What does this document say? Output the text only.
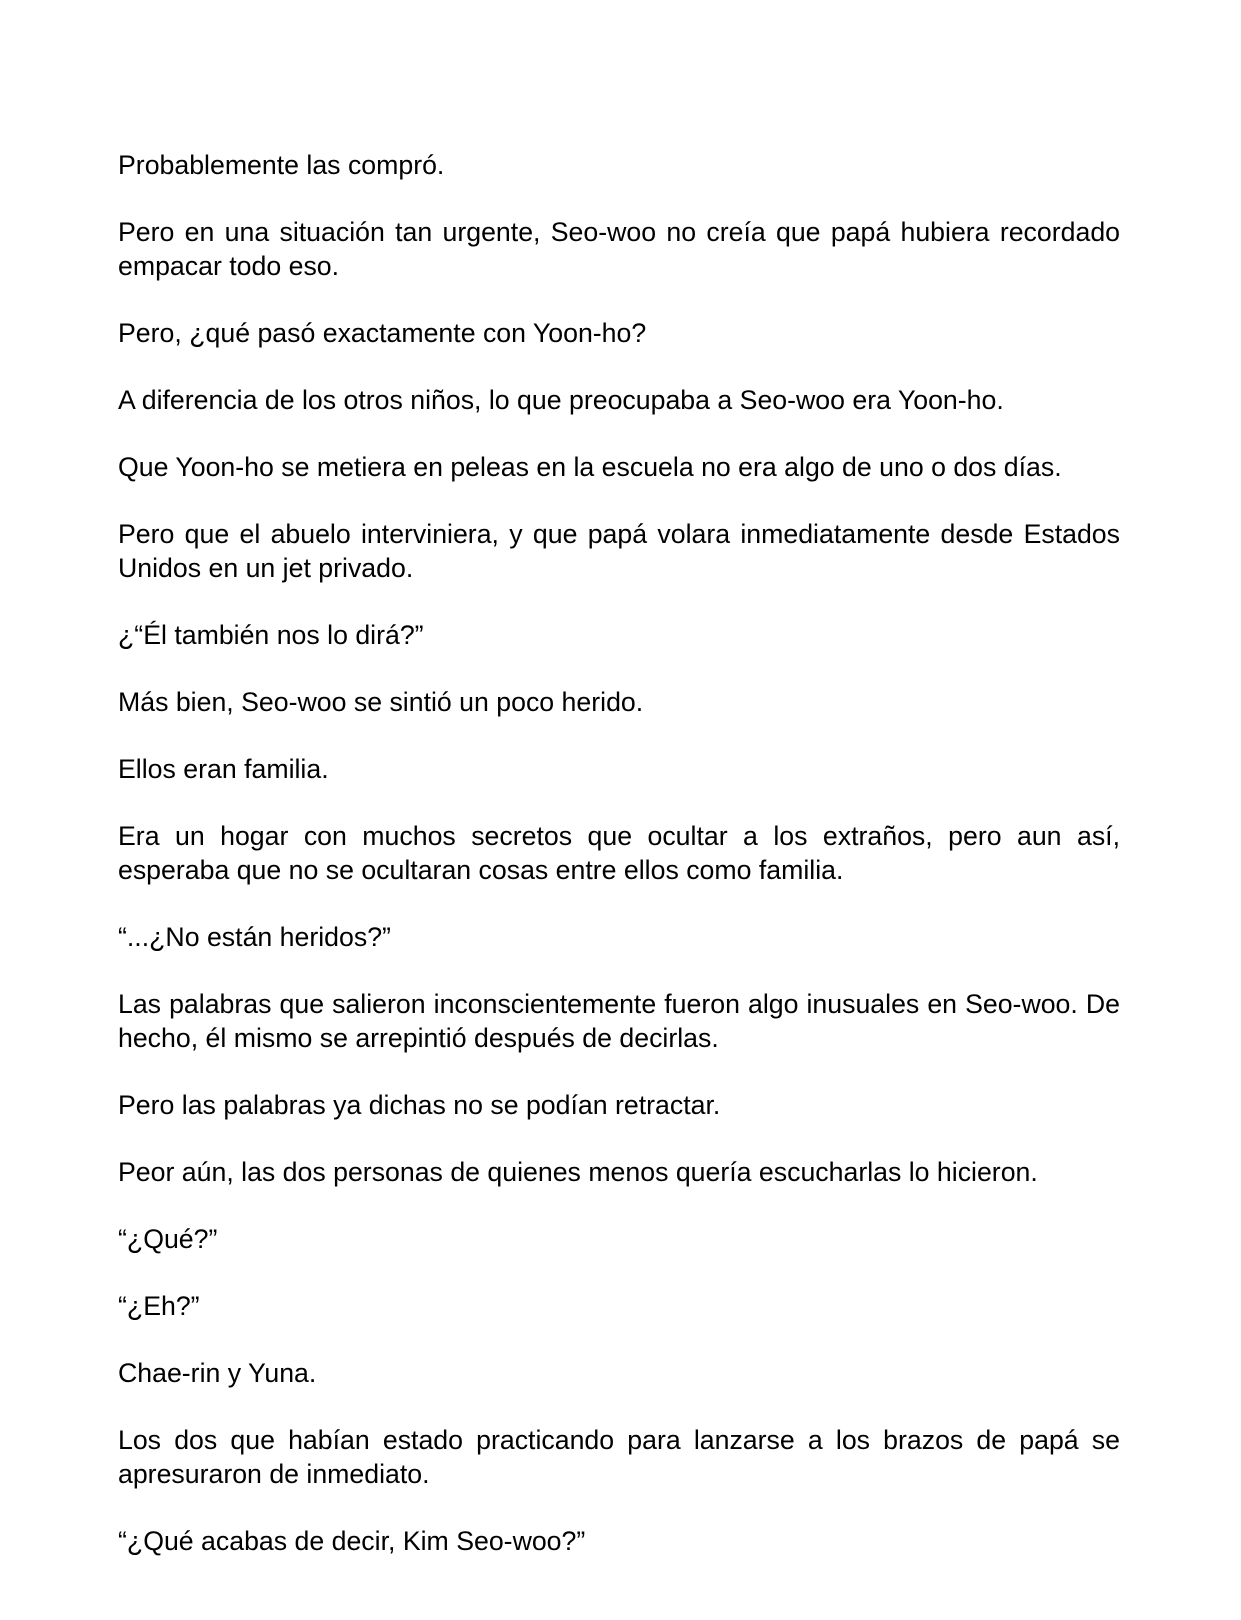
Probablemente las compró.

Pero en una situación tan urgente, Seo-woo no creía que papá hubiera recordado empacar todo eso.

Pero, ¿qué pasó exactamente con Yoon-ho?

A diferencia de los otros niños, lo que preocupaba a Seo-woo era Yoon-ho.

Que Yoon-ho se metiera en peleas en la escuela no era algo de uno o dos días.

Pero que el abuelo interviniera, y que papá volara inmediatamente desde Estados Unidos en un jet privado.

¿“Él también nos lo dirá?”

Más bien, Seo-woo se sintió un poco herido.

Ellos eran familia.

Era un hogar con muchos secretos que ocultar a los extraños, pero aun así, esperaba que no se ocultaran cosas entre ellos como familia.

“...¿No están heridos?”

Las palabras que salieron inconscientemente fueron algo inusuales en Seo-woo. De hecho, él mismo se arrepintió después de decirlas.

Pero las palabras ya dichas no se podían retractar.

Peor aún, las dos personas de quienes menos quería escucharlas lo hicieron.

“¿Qué?”

“¿Eh?”

Chae-rin y Yuna.

Los dos que habían estado practicando para lanzarse a los brazos de papá se apresuraron de inmediato.

“¿Qué acabas de decir, Kim Seo-woo?”
